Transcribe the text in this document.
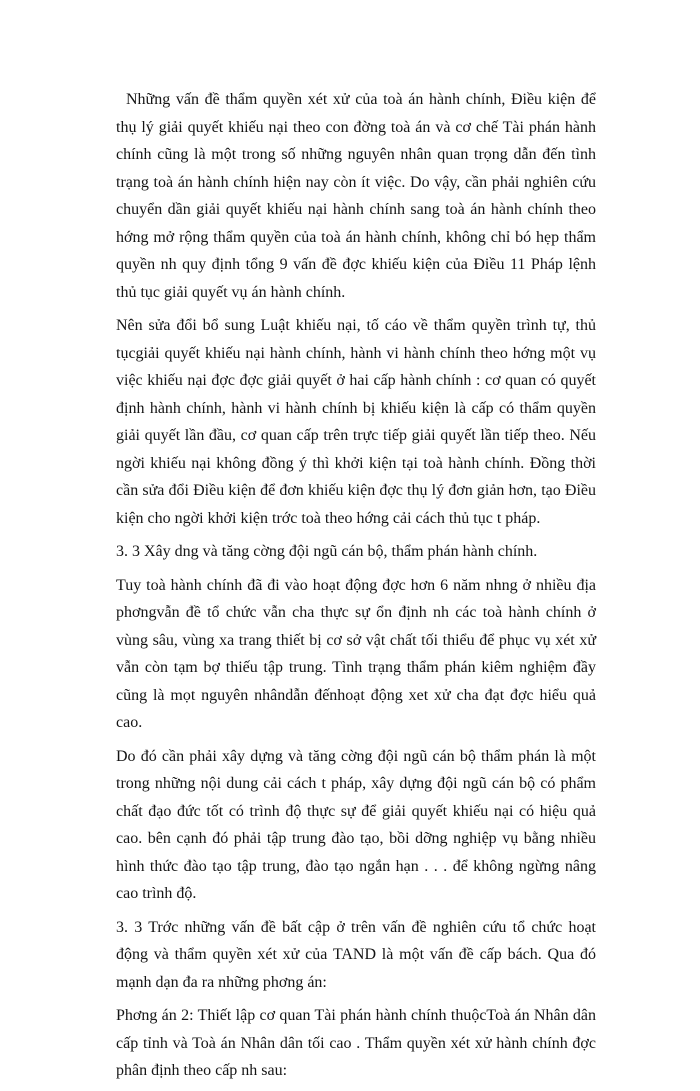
Những vấn đề thẩm quyền xét xử của toà án hành chính, Điều kiện để thụ lý giải quyết khiếu nại theo con đờng toà án và cơ chế Tài phán hành chính cũng là một trong số những nguyên nhân quan trọng dẫn đến tình trạng toà án hành chính hiện nay còn ít việc. Do vậy, cần phải nghiên cứu chuyển dần giải quyết khiếu nại hành chính sang toà án hành chính theo hớng mở rộng thẩm quyền của toà án hành chính, không chỉ bó hẹp thẩm quyền nh quy định tổng 9 vấn đề đợc khiếu kiện của Điều 11 Pháp lệnh thủ tục giải quyết vụ án hành chính.

Nên sửa đổi bổ sung Luật khiếu nại, tố cáo về thẩm quyền trình tự, thủ tụcgiải quyết khiếu nại hành chính, hành vi hành chính theo hớng một vụ việc khiếu nại đợc đợc giải quyết ở hai cấp hành chính : cơ quan có quyết định hành chính, hành vi hành chính bị khiếu kiện là cấp có thẩm quyền giải quyết lần đầu, cơ quan cấp trên trực tiếp giải quyết lần tiếp theo. Nếu ngời khiếu nại không đồng ý thì khởi kiện tại toà hành chính. Đồng thời cần sửa đổi Điều kiện để đơn khiếu kiện đợc thụ lý đơn giản hơn, tạo Điều kiện cho ngời khởi kiện trớc toà theo hớng cải cách thủ tục t pháp.

3. 3 Xây dng và tăng cờng đội ngũ cán bộ, thẩm phán hành chính.

Tuy toà hành chính đã đi vào hoạt động đợc hơn 6 năm nhng ở nhiều địa phơngvẫn đề tổ chức vẫn cha thực sự ổn định nh các toà hành chính ở vùng sâu, vùng xa trang thiết bị cơ sở vật chất tối thiểu để phục vụ xét xử vẫn còn tạm bợ thiếu tập trung. Tình trạng thẩm phán kiêm nghiệm đầy cũng là mọt nguyên nhândẫn đếnhoạt động xet xử cha đạt đợc hiểu quả cao.

Do đó cần phải xây dựng và tăng cờng đội ngũ cán bộ thẩm phán là một trong những nội dung cải cách t pháp, xây dựng đội ngũ cán bộ có phẩm chất đạo đức tốt có trình độ thực sự để giải quyết khiếu nại có hiệu quả cao. bên cạnh đó phải tập trung đào tạo, bồi dỡng nghiệp vụ bằng nhiều hình thức đào tạo tập trung, đào tạo ngắn hạn . . . để không ngừng nâng cao trình độ.

3. 3 Trớc những vấn đề bất cập ở trên vấn đề nghiên cứu tổ chức hoạt động và thẩm quyền xét xử của TAND là một vấn đề cấp bách. Qua đó mạnh dạn đa ra những phơng án:

Phơng án 2: Thiết lập cơ quan Tài phán hành chính thuộcToà án Nhân dân cấp tỉnh và Toà án Nhân dân tối cao . Thẩm quyền xét xử hành chính đợc phân định theo cấp nh sau:
